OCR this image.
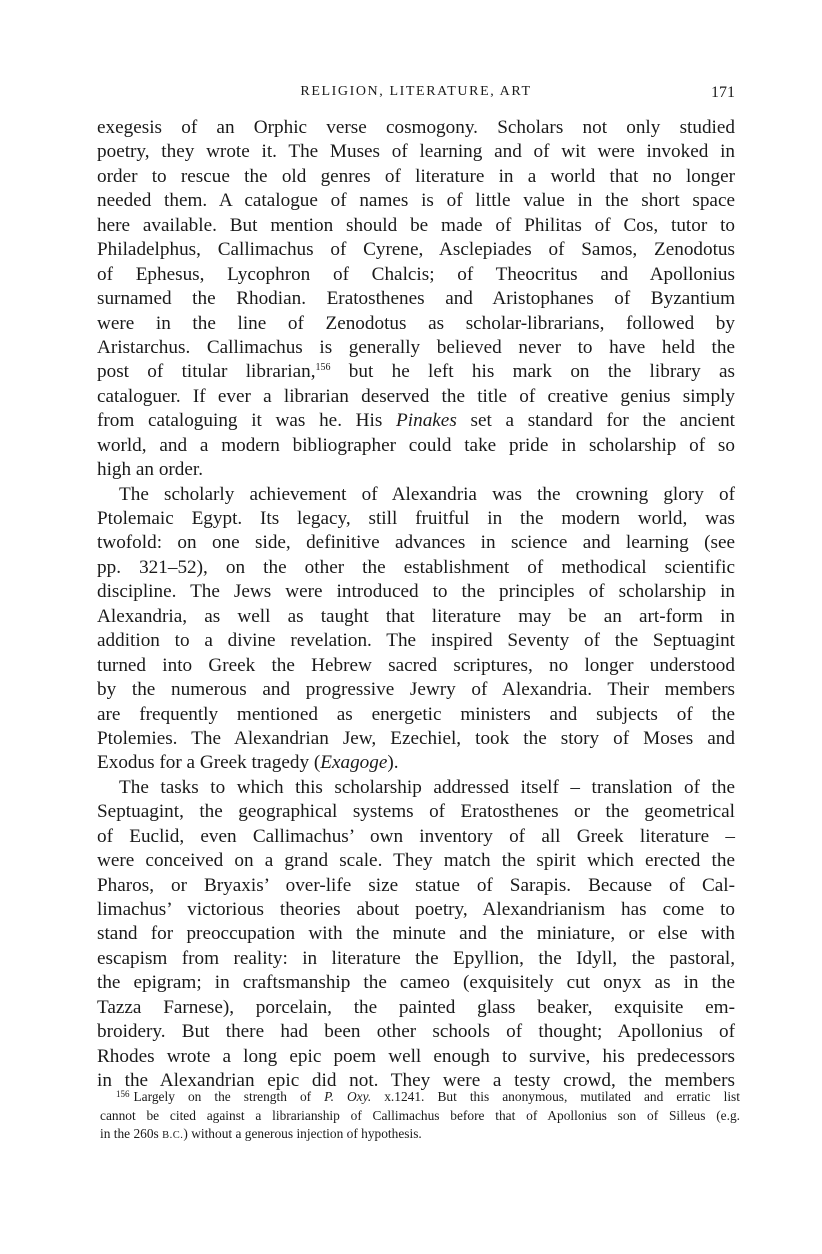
RELIGION, LITERATURE, ART	171
exegesis of an Orphic verse cosmogony. Scholars not only studied
poetry, they wrote it. The Muses of learning and of wit were invoked in
order to rescue the old genres of literature in a world that no longer
needed them. A catalogue of names is of little value in the short space
here available. But mention should be made of Philitas of Cos, tutor to
Philadelphus, Callimachus of Cyrene, Asclepiades of Samos, Zenodotus
of Ephesus, Lycophron of Chalcis; of Theocritus and Apollonius
surnamed the Rhodian. Eratosthenes and Aristophanes of Byzantium
were in the line of Zenodotus as scholar-librarians, followed by
Aristarchus. Callimachus is generally believed never to have held the
post of titular librarian,$^{156}$ but he left his mark on the library as
cataloguer. If ever a librarian deserved the title of creative genius simply
from cataloguing it was he. His Pinakes set a standard for the ancient
world, and a modern bibliographer could take pride in scholarship of so
high an order.
The scholarly achievement of Alexandria was the crowning glory of
Ptolemaic Egypt. Its legacy, still fruitful in the modern world, was
twofold: on one side, definitive advances in science and learning (see
pp. 321–52), on the other the establishment of methodical scientific
discipline. The Jews were introduced to the principles of scholarship in
Alexandria, as well as taught that literature may be an art-form in
addition to a divine revelation. The inspired Seventy of the Septuagint
turned into Greek the Hebrew sacred scriptures, no longer understood
by the numerous and progressive Jewry of Alexandria. Their members
are frequently mentioned as energetic ministers and subjects of the
Ptolemies. The Alexandrian Jew, Ezechiel, took the story of Moses and
Exodus for a Greek tragedy (Exagoge).
The tasks to which this scholarship addressed itself – translation of the
Septuagint, the geographical systems of Eratosthenes or the geometrical
of Euclid, even Callimachus’ own inventory of all Greek literature –
were conceived on a grand scale. They match the spirit which erected the
Pharos, or Bryaxis’ over-life size statue of Sarapis. Because of Cal-
limachus’ victorious theories about poetry, Alexandrianism has come to
stand for preoccupation with the minute and the miniature, or else with
escapism from reality: in literature the Epyllion, the Idyll, the pastoral,
the epigram; in craftsmanship the cameo (exquisitely cut onyx as in the
Tazza Farnese), porcelain, the painted glass beaker, exquisite em-
broidery. But there had been other schools of thought; Apollonius of
Rhodes wrote a long epic poem well enough to survive, his predecessors
in the Alexandrian epic did not. They were a testy crowd, the members
$^{156}$ Largely on the strength of P. Oxy. x.1241. But this anonymous, mutilated and erratic list
cannot be cited against a librarianship of Callimachus before that of Apollonius son of Silleus (e.g.
in the 260s B.C.) without a generous injection of hypothesis.
